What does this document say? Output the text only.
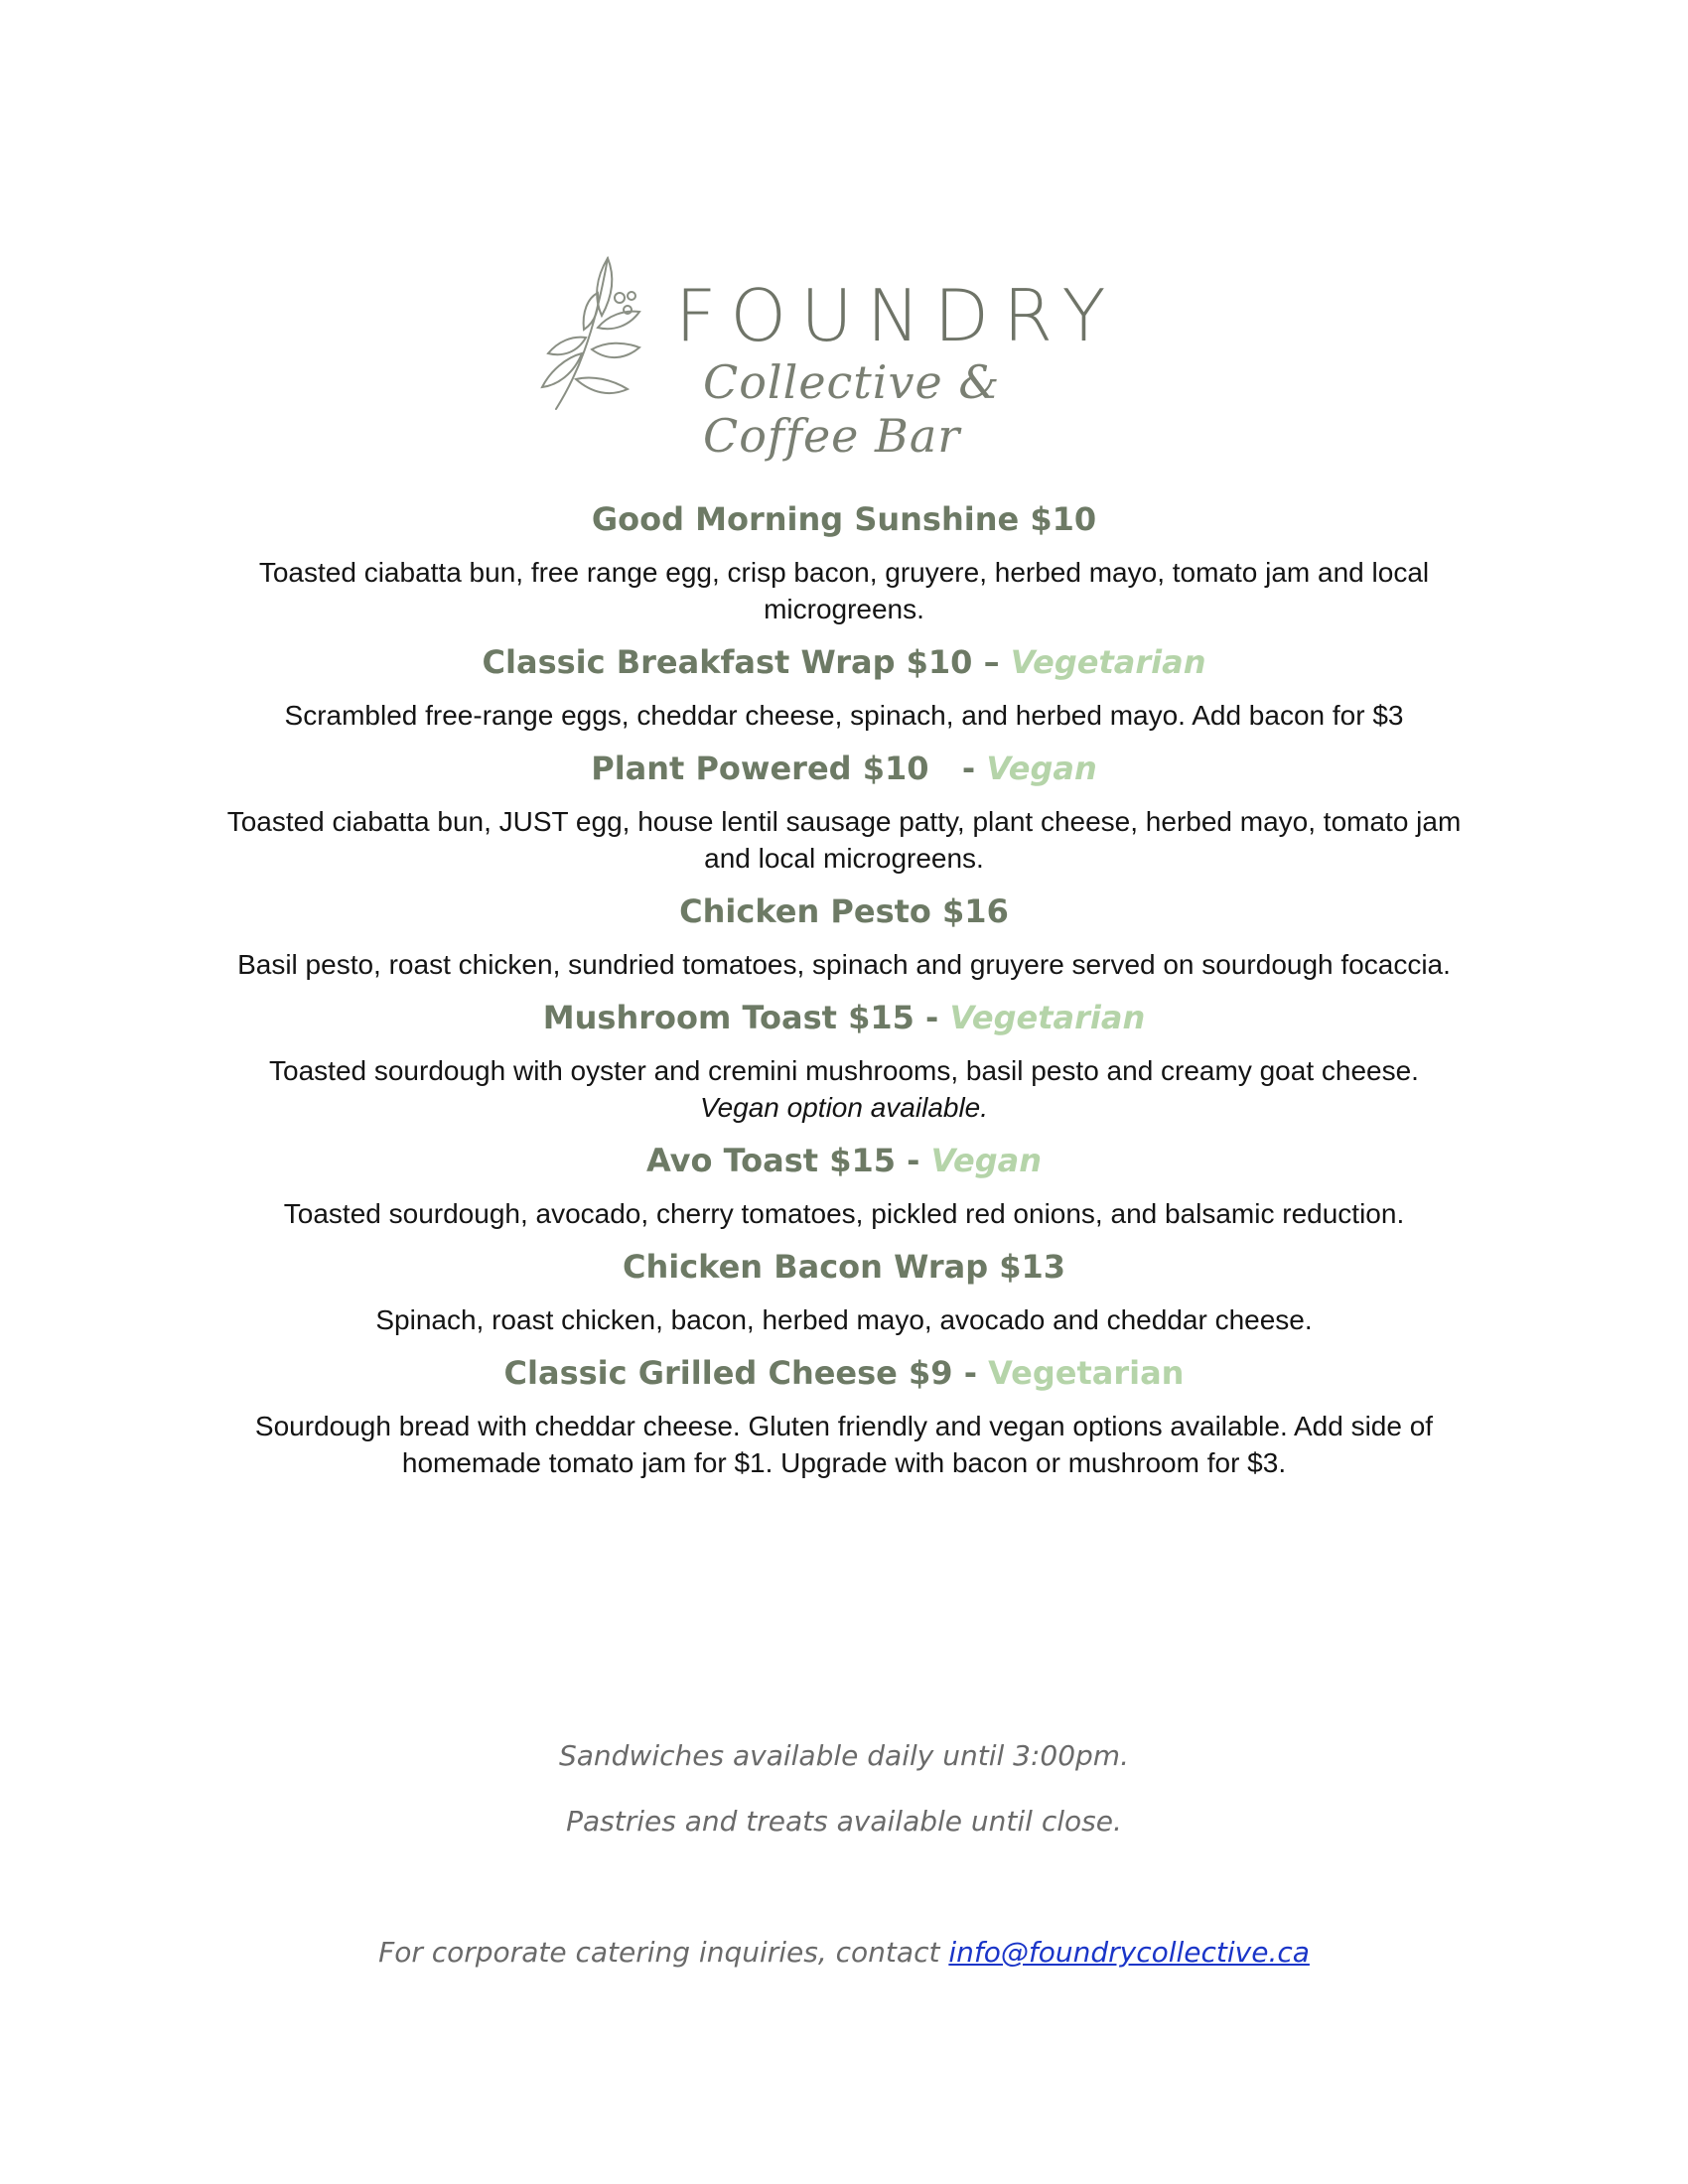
FOUNDRY
Collective & Coffee Bar

Good Morning Sunshine $10

Toasted ciabatta bun, free range egg, crisp bacon, gruyere, herbed mayo, tomato jam and local microgreens.

Classic Breakfast Wrap $10 – Vegetarian

Scrambled free-range eggs, cheddar cheese, spinach, and herbed mayo. Add bacon for $3

Plant Powered $10   - Vegan

Toasted ciabatta bun, JUST egg, house lentil sausage patty, plant cheese, herbed mayo, tomato jam and local microgreens.

Chicken Pesto $16

Basil pesto, roast chicken, sundried tomatoes, spinach and gruyere served on sourdough focaccia.

Mushroom Toast $15 - Vegetarian

Toasted sourdough with oyster and cremini mushrooms, basil pesto and creamy goat cheese.
Vegan option available.

Avo Toast $15 - Vegan

Toasted sourdough, avocado, cherry tomatoes, pickled red onions, and balsamic reduction.

Chicken Bacon Wrap $13

Spinach, roast chicken, bacon, herbed mayo, avocado and cheddar cheese.

Classic Grilled Cheese $9 - Vegetarian

Sourdough bread with cheddar cheese. Gluten friendly and vegan options available. Add side of homemade tomato jam for $1. Upgrade with bacon or mushroom for $3.
Sandwiches available daily until 3:00pm.
Pastries and treats available until close.
For corporate catering inquiries, contact info@foundrycollective.ca
